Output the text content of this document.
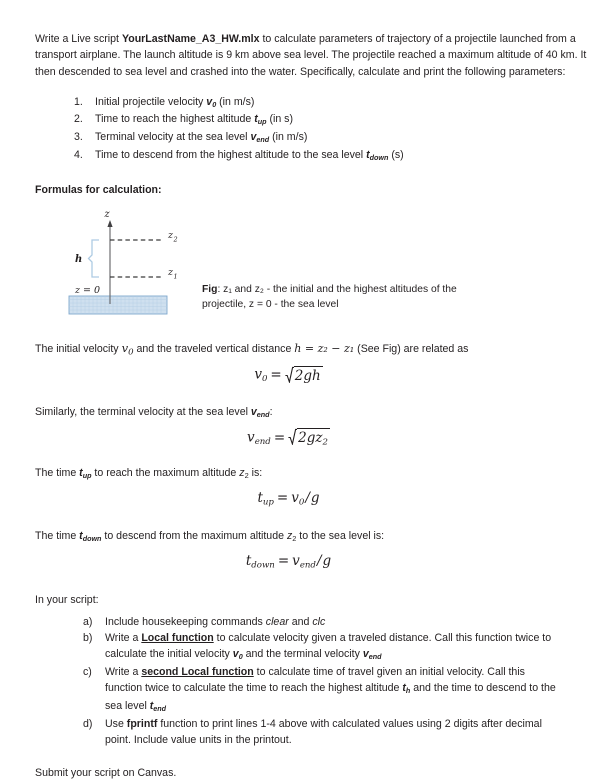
Write a Live script YourLastName_A3_HW.mlx to calculate parameters of trajectory of a projectile launched from a transport airplane. The launch altitude is 9 km above sea level. The projectile reached a maximum altitude of 40 km. It then descended to sea level and crashed into the water. Specifically, calculate and print the following parameters:

Initial projectile velocity $v_0$ (in m/s)
Time to reach the highest altitude $t_{up}$ (in s)
Terminal velocity at the sea level $v_{end}$ (in m/s)
Time to descend from the highest altitude to the sea level $t_{down}$ (s)

Formulas for calculation:

z
z 2
z 1
h
z = 0	Fig: z₁ and z₂ - the initial and the highest altitudes of the projectile, z = 0 - the sea level

The initial velocity $v_0$ and the traveled vertical distance h = z₂ − z₁ (See Fig) are related as

$v_0 = 2gh$

Similarly, the terminal velocity at the sea level $v_{end}$:

$v_{end} = 2gz_2$

The time $t_{up}$ to reach the maximum altitude $z_2$ is:

$t_{up} = v_0/g$

The time $t_{down}$ to descend from the maximum altitude $z_2$ to the sea level is:

$t_{down} = v_{end}/g$

In your script:

Include housekeeping commands clear and clc
Write a Local function to calculate velocity given a traveled distance. Call this function twice to calculate the initial velocity $v_0$ and the terminal velocity $v_{end}$
Write a second Local function to calculate time of travel given an initial velocity. Call this function twice to calculate the time to reach the highest altitude $t_h$ and the time to descend to the sea level $t_{end}$
Use fprintf function to print lines 1-4 above with calculated values using 2 digits after decimal point. Include value units in the printout.

Submit your script on Canvas.
